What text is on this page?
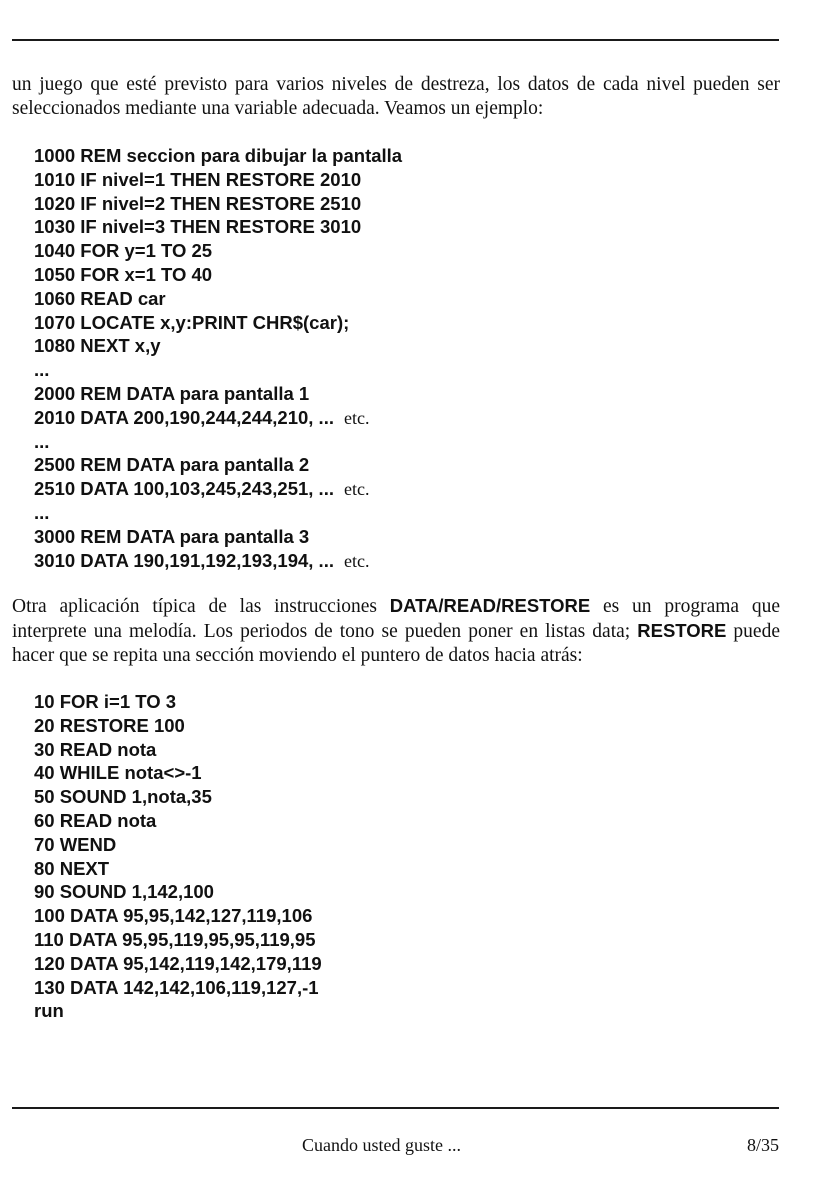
un juego que esté previsto para varios niveles de destreza, los datos de cada nivel pueden ser seleccionados mediante una variable adecuada. Veamos un ejemplo:

1000 REM seccion para dibujar la pantalla
1010 IF nivel=1 THEN RESTORE 2010
1020 IF nivel=2 THEN RESTORE 2510
1030 IF nivel=3 THEN RESTORE 3010
1040 FOR y=1 TO 25
1050 FOR x=1 TO 40
1060 READ car
1070 LOCATE x,y:PRINT CHR$(car);
1080 NEXT x,y
...
2000 REM DATA para pantalla 1
2010 DATA 200,190,244,244,210, ... etc.
...
2500 REM DATA para pantalla 2
2510 DATA 100,103,245,243,251, ... etc.
...
3000 REM DATA para pantalla 3
3010 DATA 190,191,192,193,194, ... etc.

Otra aplicación típica de las instrucciones DATA/READ/RESTORE es un programa que interprete una melodía. Los periodos de tono se pueden poner en listas data; RESTORE puede hacer que se repita una sección moviendo el puntero de datos hacia atrás:

10 FOR i=1 TO 3
20 RESTORE 100
30 READ nota
40 WHILE nota<>-1
50 SOUND 1,nota,35
60 READ nota
70 WEND
80 NEXT
90 SOUND 1,142,100
100 DATA 95,95,142,127,119,106
110 DATA 95,95,119,95,95,119,95
120 DATA 95,142,119,142,179,119
130 DATA 142,142,106,119,127,-1
run
Cuando usted guste ...	8/35
